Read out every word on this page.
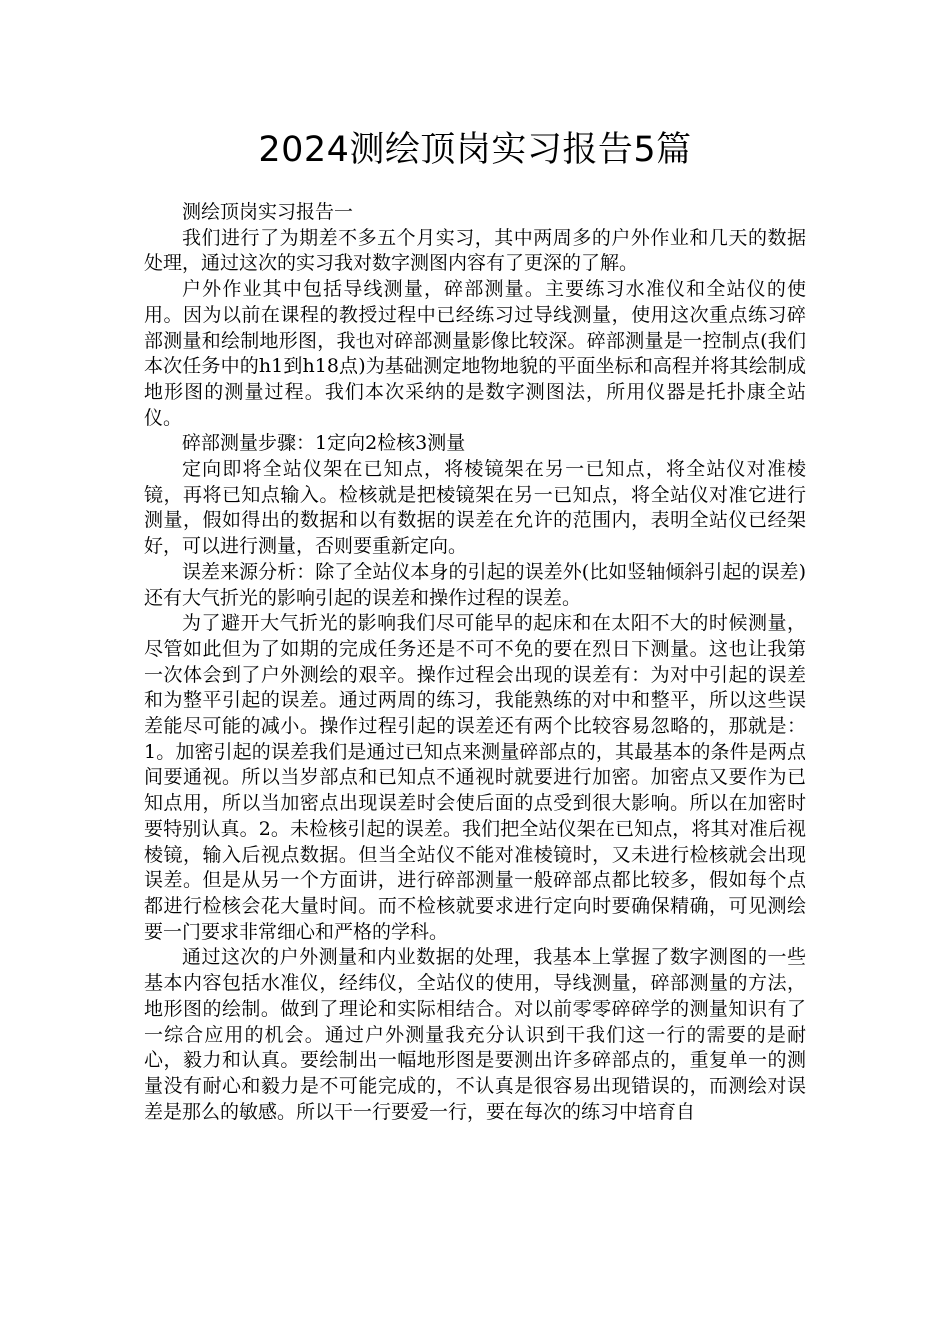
2024测绘顶岗实习报告5篇

测绘顶岗实习报告一

我们进行了为期差不多五个月实习，其中两周多的户外作业和几天的数据处理，通过这次的实习我对数字测图内容有了更深的了解。

户外作业其中包括导线测量，碎部测量。主要练习水准仪和全站仪的使用。因为以前在课程的教授过程中已经练习过导线测量，使用这次重点练习碎部测量和绘制地形图，我也对碎部测量影像比较深。碎部测量是一控制点(我们本次任务中的h1到h18点)为基础测定地物地貌的平面坐标和高程并将其绘制成地形图的测量过程。我们本次采纳的是数字测图法，所用仪器是托扑康全站仪。

碎部测量步骤：1定向2检核3测量

定向即将全站仪架在已知点，将棱镜架在另一已知点，将全站仪对准棱镜，再将已知点输入。检核就是把棱镜架在另一已知点，将全站仪对准它进行测量，假如得出的数据和以有数据的误差在允许的范围内，表明全站仪已经架好，可以进行测量，否则要重新定向。

误差来源分析：除了全站仪本身的引起的误差外(比如竖轴倾斜引起的误差)还有大气折光的影响引起的误差和操作过程的误差。

为了避开大气折光的影响我们尽可能早的起床和在太阳不大的时候测量，尽管如此但为了如期的完成任务还是不可不免的要在烈日下测量。这也让我第一次体会到了户外测绘的艰辛。操作过程会出现的误差有：为对中引起的误差和为整平引起的误差。通过两周的练习，我能熟练的对中和整平，所以这些误差能尽可能的减小。操作过程引起的误差还有两个比较容易忽略的，那就是：1。加密引起的误差我们是通过已知点来测量碎部点的，其最基本的条件是两点间要通视。所以当岁部点和已知点不通视时就要进行加密。加密点又要作为已知点用，所以当加密点出现误差时会使后面的点受到很大影响。所以在加密时要特别认真。2。未检核引起的误差。我们把全站仪架在已知点，将其对准后视棱镜，输入后视点数据。但当全站仪不能对准棱镜时，又未进行检核就会出现误差。但是从另一个方面讲，进行碎部测量一般碎部点都比较多，假如每个点都进行检核会花大量时间。而不检核就要求进行定向时要确保精确，可见测绘要一门要求非常细心和严格的学科。

通过这次的户外测量和内业数据的处理，我基本上掌握了数字测图的一些基本内容包括水准仪，经纬仪，全站仪的使用，导线测量，碎部测量的方法，地形图的绘制。做到了理论和实际相结合。对以前零零碎碎学的测量知识有了一综合应用的机会。通过户外测量我充分认识到干我们这一行的需要的是耐心，毅力和认真。要绘制出一幅地形图是要测出许多碎部点的，重复单一的测量没有耐心和毅力是不可能完成的，不认真是很容易出现错误的，而测绘对误差是那么的敏感。所以干一行要爱一行，要在每次的练习中培育自
